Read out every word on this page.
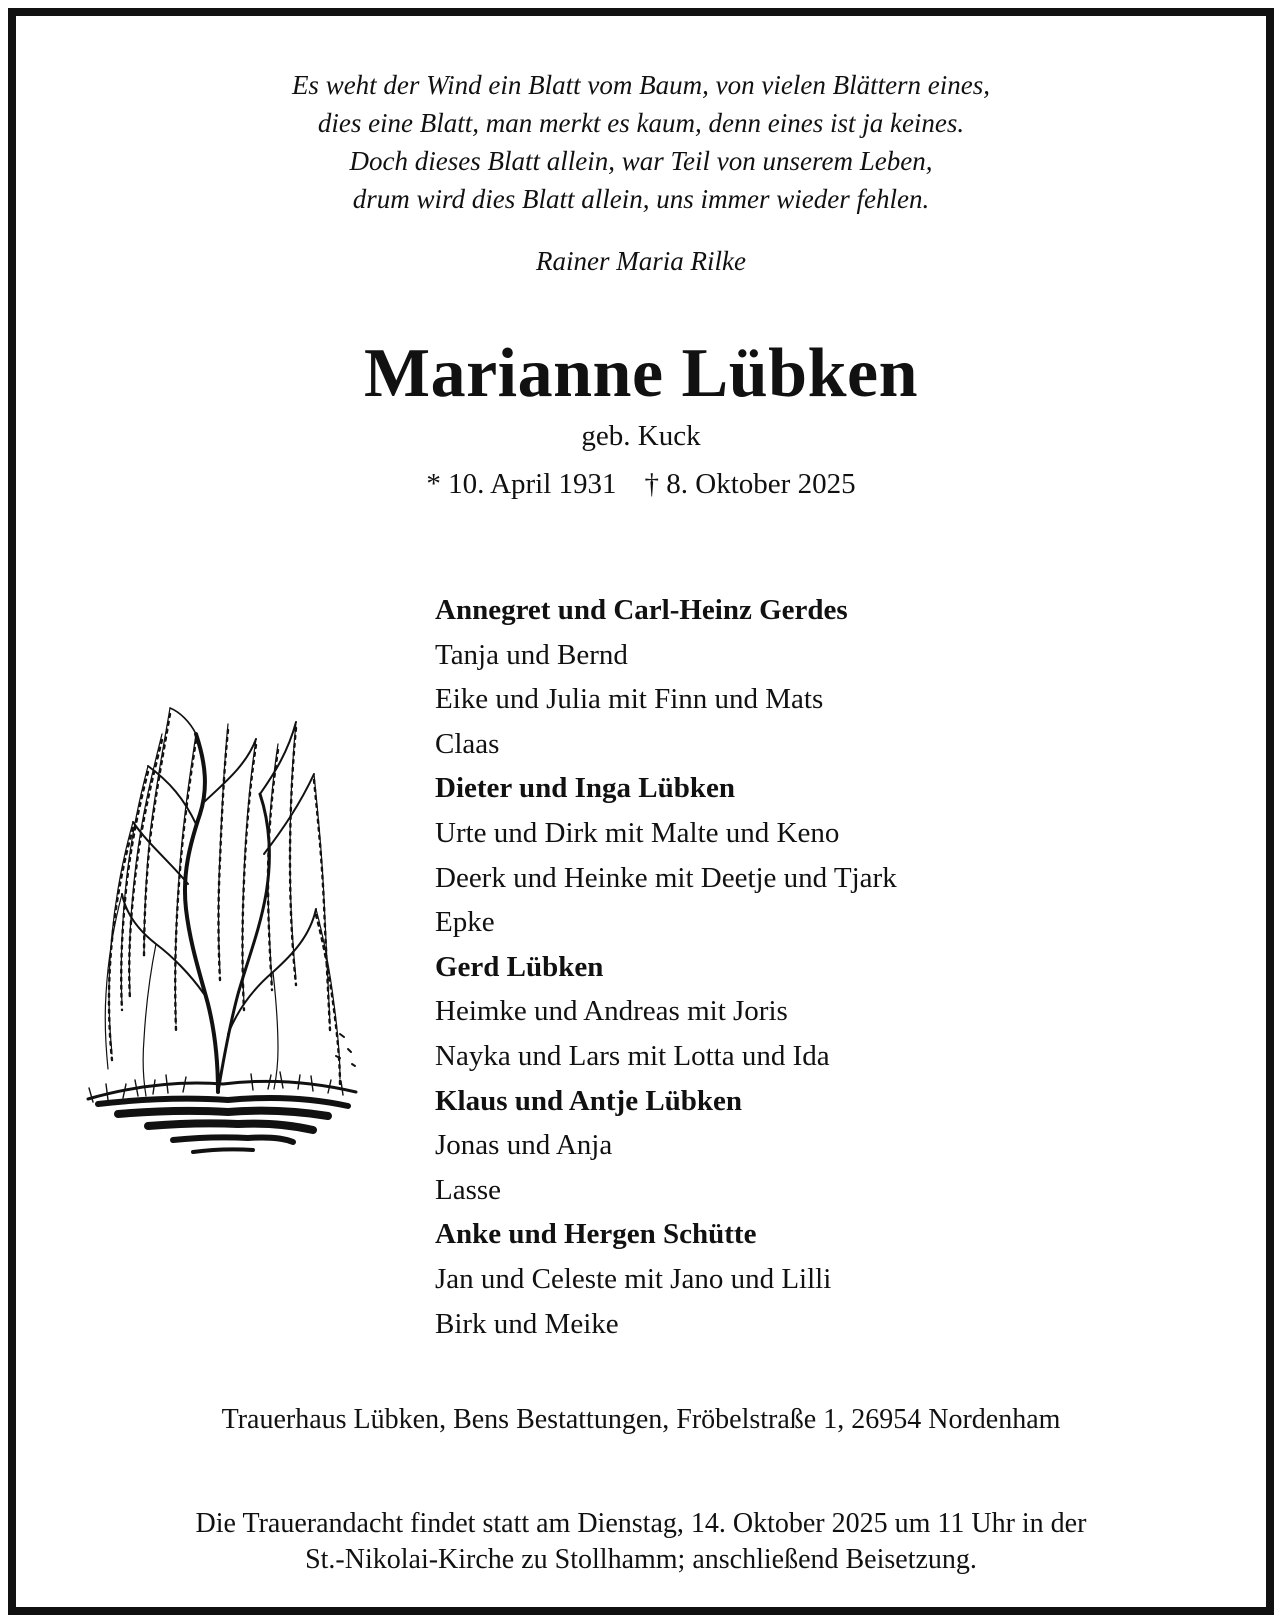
Es weht der Wind ein Blatt vom Baum, von vielen Blättern eines,
dies eine Blatt, man merkt es kaum, denn eines ist ja keines.
Doch dieses Blatt allein, war Teil von unserem Leben,
drum wird dies Blatt allein, uns immer wieder fehlen.
Rainer Maria Rilke
Marianne Lübken
geb. Kuck
* 10. April 1931 † 8. Oktober 2025
Annegret und Carl-Heinz Gerdes
Tanja und Bernd
Eike und Julia mit Finn und Mats
Claas
Dieter und Inga Lübken
Urte und Dirk mit Malte und Keno
Deerk und Heinke mit Deetje und Tjark
Epke
Gerd Lübken
Heimke und Andreas mit Joris
Nayka und Lars mit Lotta und Ida
Klaus und Antje Lübken
Jonas und Anja
Lasse
Anke und Hergen Schütte
Jan und Celeste mit Jano und Lilli
Birk und Meike
Trauerhaus Lübken, Bens Bestattungen, Fröbelstraße 1, 26954 Nordenham
Die Trauerandacht findet statt am Dienstag, 14. Oktober 2025 um 11 Uhr in der
St.-Nikolai-Kirche zu Stollhamm; anschließend Beisetzung.
